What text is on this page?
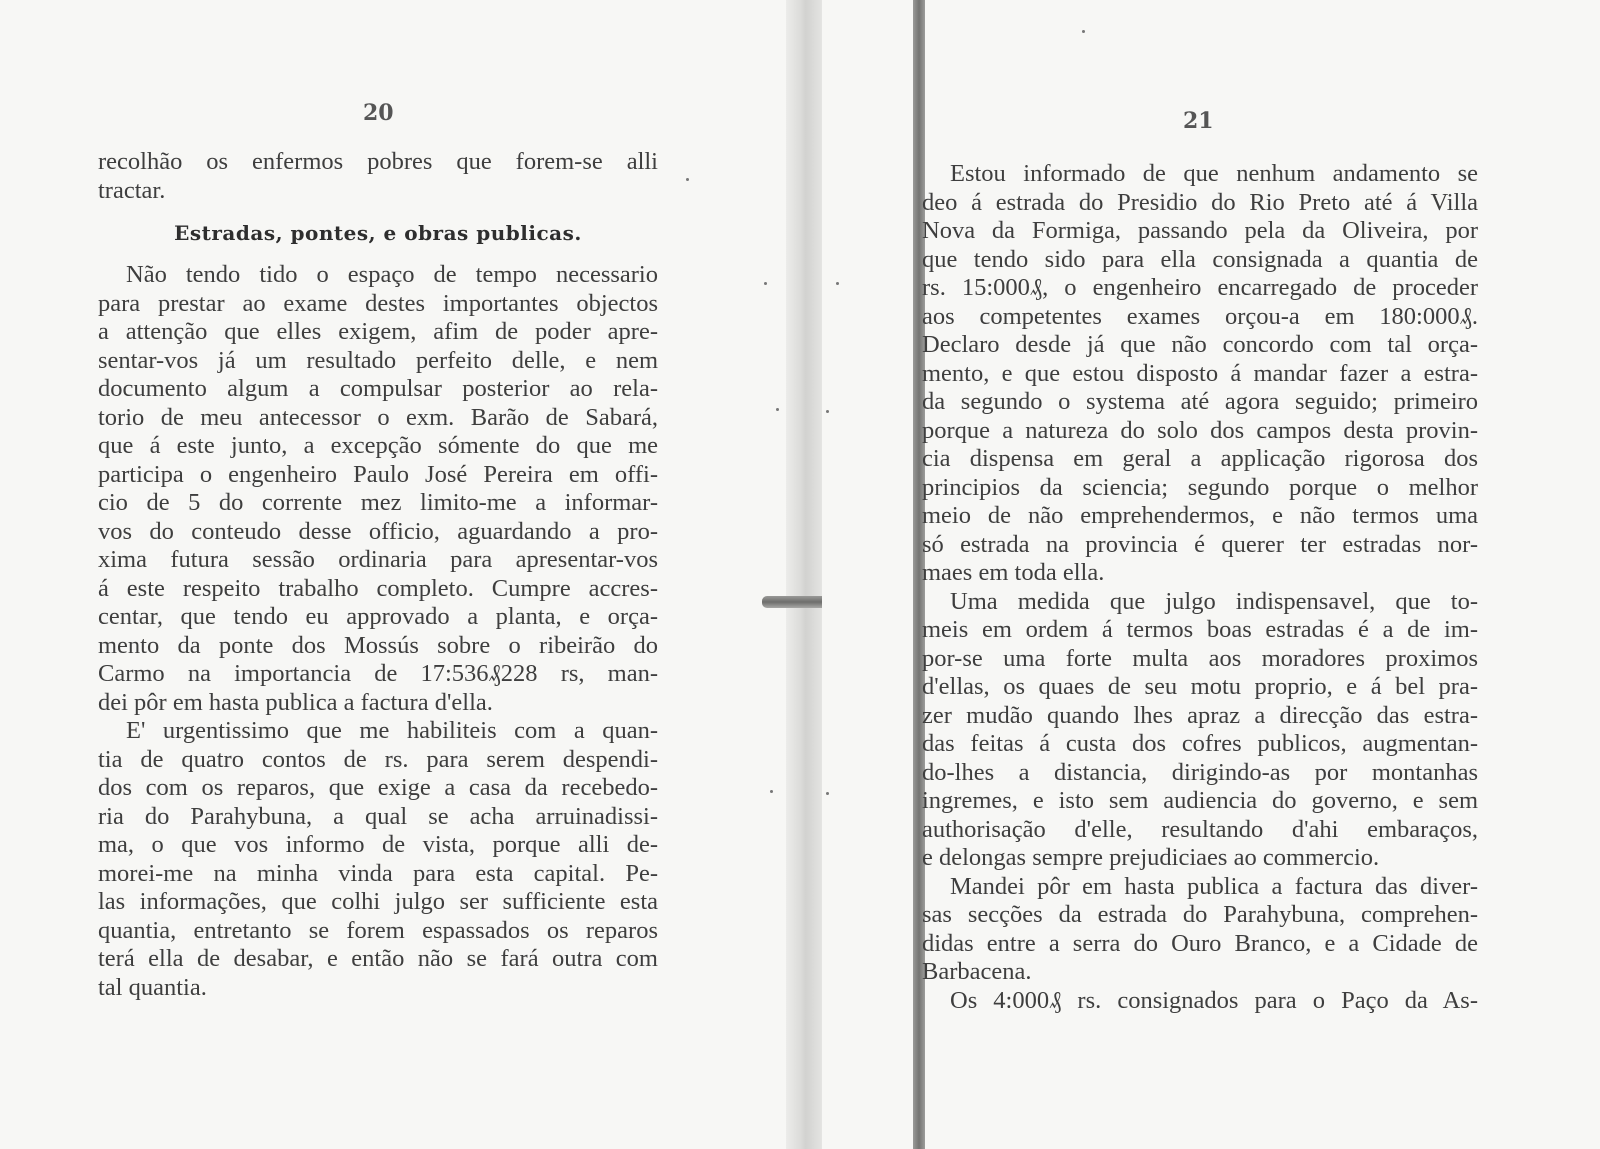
20
recolhão os enfermos pobres que forem-se alli
tractar.
Estradas, pontes, e obras publicas.
Não tendo tido o espaço de tempo necessario
para prestar ao exame destes importantes objectos
a attenção que elles exigem, afim de poder apre-
sentar-vos já um resultado perfeito delle, e nem
documento algum a compulsar posterior ao rela-
torio de meu antecessor o exm. Barão de Sabará,
que á este junto, a excepção sómente do que me
participa o engenheiro Paulo José Pereira em offi-
cio de 5 do corrente mez limito-me a informar-
vos do conteudo desse officio, aguardando a pro-
xima futura sessão ordinaria para apresentar-vos
á este respeito trabalho completo. Cumpre accres-
centar, que tendo eu approvado a planta, e orça-
mento da ponte dos Mossús sobre o ribeirão do
Carmo na importancia de 17:536₰228 rs, man-
dei pôr em hasta publica a factura d'ella.
E' urgentissimo que me habiliteis com a quan-
tia de quatro contos de rs. para serem despendi-
dos com os reparos, que exige a casa da recebedo-
ria do Parahybuna, a qual se acha arruinadissi-
ma, o que vos informo de vista, porque alli de-
morei-me na minha vinda para esta capital. Pe-
las informações, que colhi julgo ser sufficiente esta
quantia, entretanto se forem espassados os reparos
terá ella de desabar, e então não se fará outra com
tal quantia.
21
Estou informado de que nenhum andamento se
deo á estrada do Presidio do Rio Preto até á Villa
Nova da Formiga, passando pela da Oliveira, por
que tendo sido para ella consignada a quantia de
rs. 15:000₰, o engenheiro encarregado de proceder
aos competentes exames orçou-a em 180:000₰.
Declaro desde já que não concordo com tal orça-
mento, e que estou disposto á mandar fazer a estra-
da segundo o systema até agora seguido; primeiro
porque a natureza do solo dos campos desta provin-
cia dispensa em geral a applicação rigorosa dos
principios da sciencia; segundo porque o melhor
meio de não emprehendermos, e não termos uma
só estrada na provincia é querer ter estradas nor-
maes em toda ella.
Uma medida que julgo indispensavel, que to-
meis em ordem á termos boas estradas é a de im-
por-se uma forte multa aos moradores proximos
d'ellas, os quaes de seu motu proprio, e á bel pra-
zer mudão quando lhes apraz a direcção das estra-
das feitas á custa dos cofres publicos, augmentan-
do-lhes a distancia, dirigindo-as por montanhas
ingremes, e isto sem audiencia do governo, e sem
authorisação d'elle, resultando d'ahi embaraços,
e delongas sempre prejudiciaes ao commercio.
Mandei pôr em hasta publica a factura das diver-
sas secções da estrada do Parahybuna, comprehen-
didas entre a serra do Ouro Branco, e a Cidade de
Barbacena.
Os 4:000₰ rs. consignados para o Paço da As-
